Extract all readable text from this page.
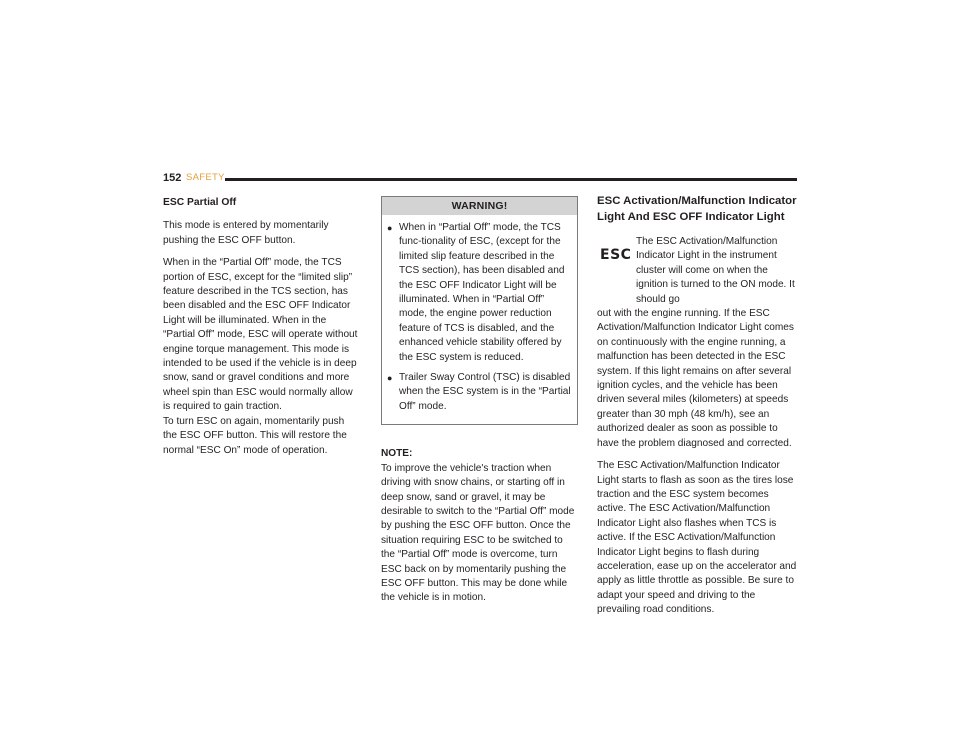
152 SAFETY
ESC Partial Off

This mode is entered by momentarily pushing the ESC OFF button.

When in the “Partial Off” mode, the TCS portion of ESC, except for the “limited slip” feature described in the TCS section, has been disabled and the ESC OFF Indicator Light will be illuminated. When in the “Partial Off” mode, ESC will operate without engine torque management. This mode is intended to be used if the vehicle is in deep snow, sand or gravel conditions and more wheel spin than ESC would normally allow is required to gain traction.

To turn ESC on again, momentarily push the ESC OFF button. This will restore the normal “ESC On” mode of operation.

WARNING!
● When in “Partial Off” mode, the TCS func-tionality of ESC, (except for the limited slip feature described in the TCS section), has been disabled and the ESC OFF Indicator Light will be illuminated. When in “Partial Off” mode, the engine power reduction feature of TCS is disabled, and the enhanced vehicle stability offered by the ESC system is reduced.
● Trailer Sway Control (TSC) is disabled when the ESC system is in the “Partial Off” mode.
NOTE:
To improve the vehicle's traction when driving with snow chains, or starting off in deep snow, sand or gravel, it may be desirable to switch to the “Partial Off” mode by pushing the ESC OFF button. Once the situation requiring ESC to be switched to the “Partial Off” mode is overcome, turn ESC back on by momentarily pushing the ESC OFF button. This may be done while the vehicle is in motion.
ESC Activation/Malfunction Indicator Light And ESC OFF Indicator Light
ESC
The ESC Activation/Malfunction Indicator Light in the instrument cluster will come on when the ignition is turned to the ON mode. It should go

out with the engine running. If the ESC Activation/Malfunction Indicator Light comes on continuously with the engine running, a malfunction has been detected in the ESC system. If this light remains on after several ignition cycles, and the vehicle has been driven several miles (kilometers) at speeds greater than 30 mph (48 km/h), see an authorized dealer as soon as possible to have the problem diagnosed and corrected.

The ESC Activation/Malfunction Indicator Light starts to flash as soon as the tires lose traction and the ESC system becomes active. The ESC Activation/Malfunction Indicator Light also flashes when TCS is active. If the ESC Activation/Malfunction Indicator Light begins to flash during acceleration, ease up on the accelerator and apply as little throttle as possible. Be sure to adapt your speed and driving to the prevailing road conditions.
